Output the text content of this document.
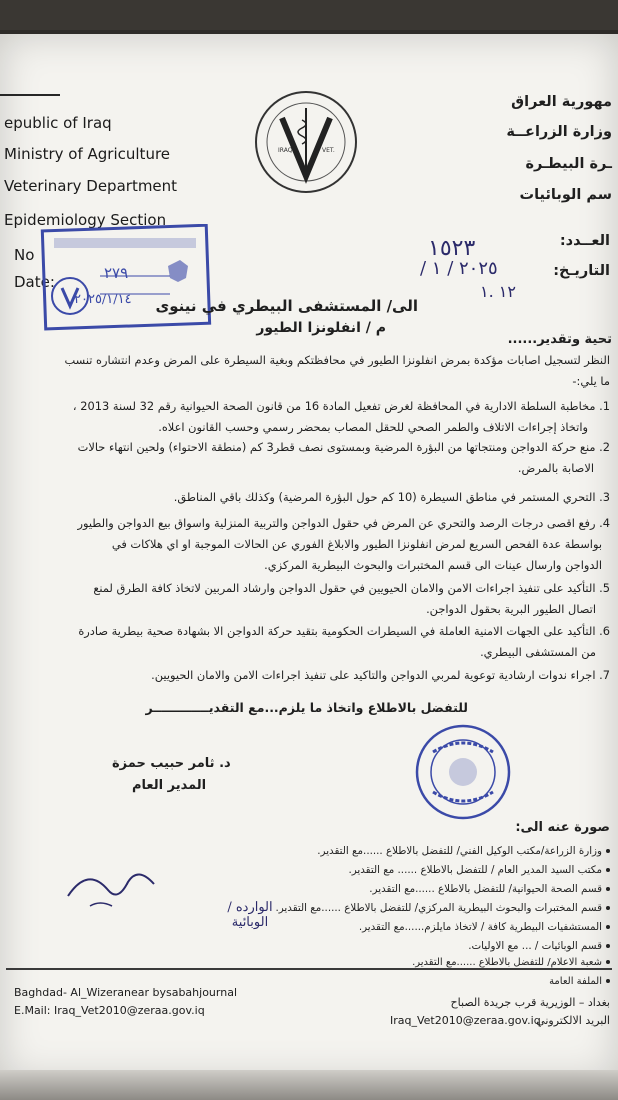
epublic of Iraq
Ministry of Agriculture
Veterinary Department
Epidemiology Section
No
Date:
مهورية العراق
وزارة الزراعــة
ـرة البيطـرة
سم الوبائيات
العــدد:
التاريـخ:
١٥٢٣
٢٠٢٥ / ١ /
١٢ .١
IRAQ	VET.
٢٧٩
٢٠٢٥/١/١٤ الى/ المستشفى البيطري في نينوى
م / انفلونزا الطيور
تحية وتقدير......
النظر لتسجيل اصابات مؤكدة بمرض انفلونزا الطيور في محافظتكم وبغية السيطرة على المرض وعدم انتشاره تنسب
ما يلي:-
1. مخاطبة السلطة الادارية في المحافظة لغرض تفعيل المادة 16 من قانون الصحة الحيوانية رقم 32 لسنة 2013 ،
واتخاذ إجراءات الاتلاف والطمر الصحي للحقل المصاب بمحضر رسمي وحسب القانون اعلاه.
2. منع حركة الدواجن ومنتجاتها من البؤرة المرضية وبمستوى نصف قطر3 كم (منطقة الاحتواء) ولحين انتهاء حالات
الاصابة بالمرض.
3. التحري المستمر في مناطق السيطرة (10 كم حول البؤرة المرضية) وكذلك باقي المناطق.
4. رفع اقصى درجات الرصد والتحري عن المرض في حقول الدواجن والتربية المنزلية واسواق بيع الدواجن والطيور
بواسطة عدة الفحص السريع لمرض انفلونزا الطيور والابلاغ الفوري عن الحالات الموجبة او اي هلاكات في
الدواجن وارسال عينات الى قسم المختبرات والبحوث البيطرية المركزي.
5. التأكيد على تنفيذ اجراءات الامن والامان الحيويين في حقول الدواجن وارشاد المربين لاتخاذ كافة الطرق لمنع
اتصال الطيور البرية بحقول الدواجن.
6. التأكيد على الجهات الامنية العاملة في السيطرات الحكومية بتقيد حركة الدواجن الا بشهادة صحية بيطرية صادرة
من المستشفى البيطري.
7. اجراء ندوات ارشادية توعوية لمربي الدواجن والتاكيد على تنفيذ اجراءات الامن والامان الحيويين.
للتفضل بالاطلاع واتخاذ ما يلزم...مع التقديـــــــــــــر
د. ثامر حبيب حمزة
المدير العام
صورة عنه الى:
وزارة الزراعة/مكتب الوكيل الفني/ للتفضل بالاطلاع ......مع التقدير.
مكتب السيد المدير العام / للتفضل بالاطلاع ...... مع التقدير.
قسم الصحة الحيوانية/ للتفضل بالاطلاع ......مع التقدير.
قسم المختبرات والبحوث البيطرية المركزي/ للتفضل بالاطلاع ......مع التقدير.
المستشفيات البيطرية كافة / لاتخاذ مايلزم......مع التقدير.
قسم الوبائيات / ... مع الاوليات.
شعبة الاعلام/ للتفضل بالاطلاع ......مع التقدير.
الملفة العامة
الوارده / الوبائية
Baghdad- Al_Wizeranear bysabahjournal
E.Mail: Iraq_Vet2010@zeraa.gov.iq
بغداد – الوزيرية قرب جريدة الصباح
البريد الالكتروني
Iraq_Vet2010@zeraa.gov.iq
